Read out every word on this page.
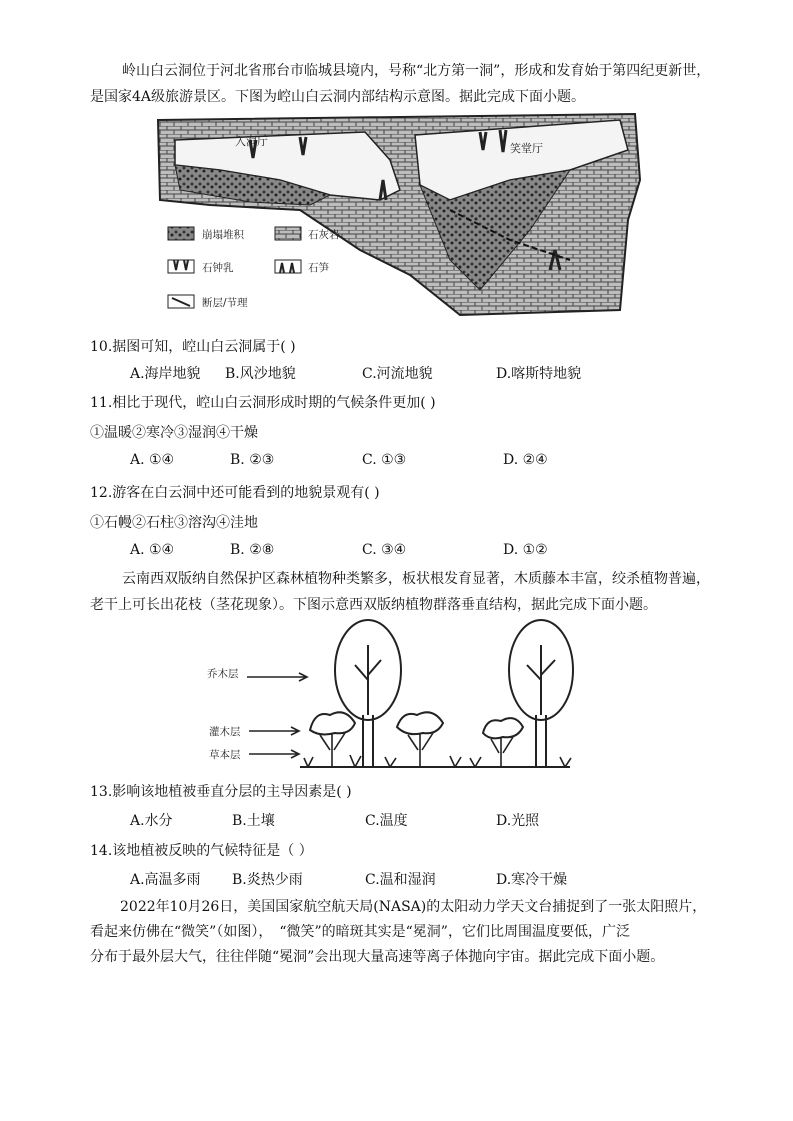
岭山白云洞位于河北省邢台市临城县境内，号称“北方第一洞”，形成和发育始于第四纪更新世，是国家4A级旅游景区。下图为崆山白云洞内部结构示意图。据此完成下面小题。
入洞厅
笑堂厅
崩塌堆积	石灰岩
石钟乳	石笋
断层/节理
10.据图可知，崆山白云洞属于( )
A.海岸地貌 B.风沙地貌	C.河流地貌	D.喀斯特地貌
11.相比于现代，崆山白云洞形成时期的气候条件更加( )
①温暖②寒冷③湿润④干燥
A. ①④	B. ②③	C. ①③	D. ②④
12.游客在白云洞中还可能看到的地貌景观有( )
①石幔②石柱③溶沟④洼地
A. ①④	B. ②⑧	C. ③④	D. ①②
云南西双版纳自然保护区森林植物种类繁多，板状根发育显著，木质藤本丰富，绞杀植物普遍，老干上可长出花枝（茎花现象）。下图示意西双版纳植物群落垂直结构，据此完成下面小题。
乔木层
灌木层
草本层
13.影响该地植被垂直分层的主导因素是( )
A.水分	B.土壤	C.温度	D.光照
14.该地植被反映的气候特征是（ ）
A.高温多雨 B.炎热少雨	C.温和湿润	D.寒冷干燥
2022年10月26日，美国国家航空航天局(NASA)的太阳动力学天文台捕捉到了一张太阳照片，
看起来仿佛在“微笑”（如图），　“微笑”的暗斑其实是“冕洞”，它们比周围温度要低，广泛
分布于最外层大气，往往伴随“冕洞”会出现大量高速等离子体抛向宇宙。据此完成下面小题。
